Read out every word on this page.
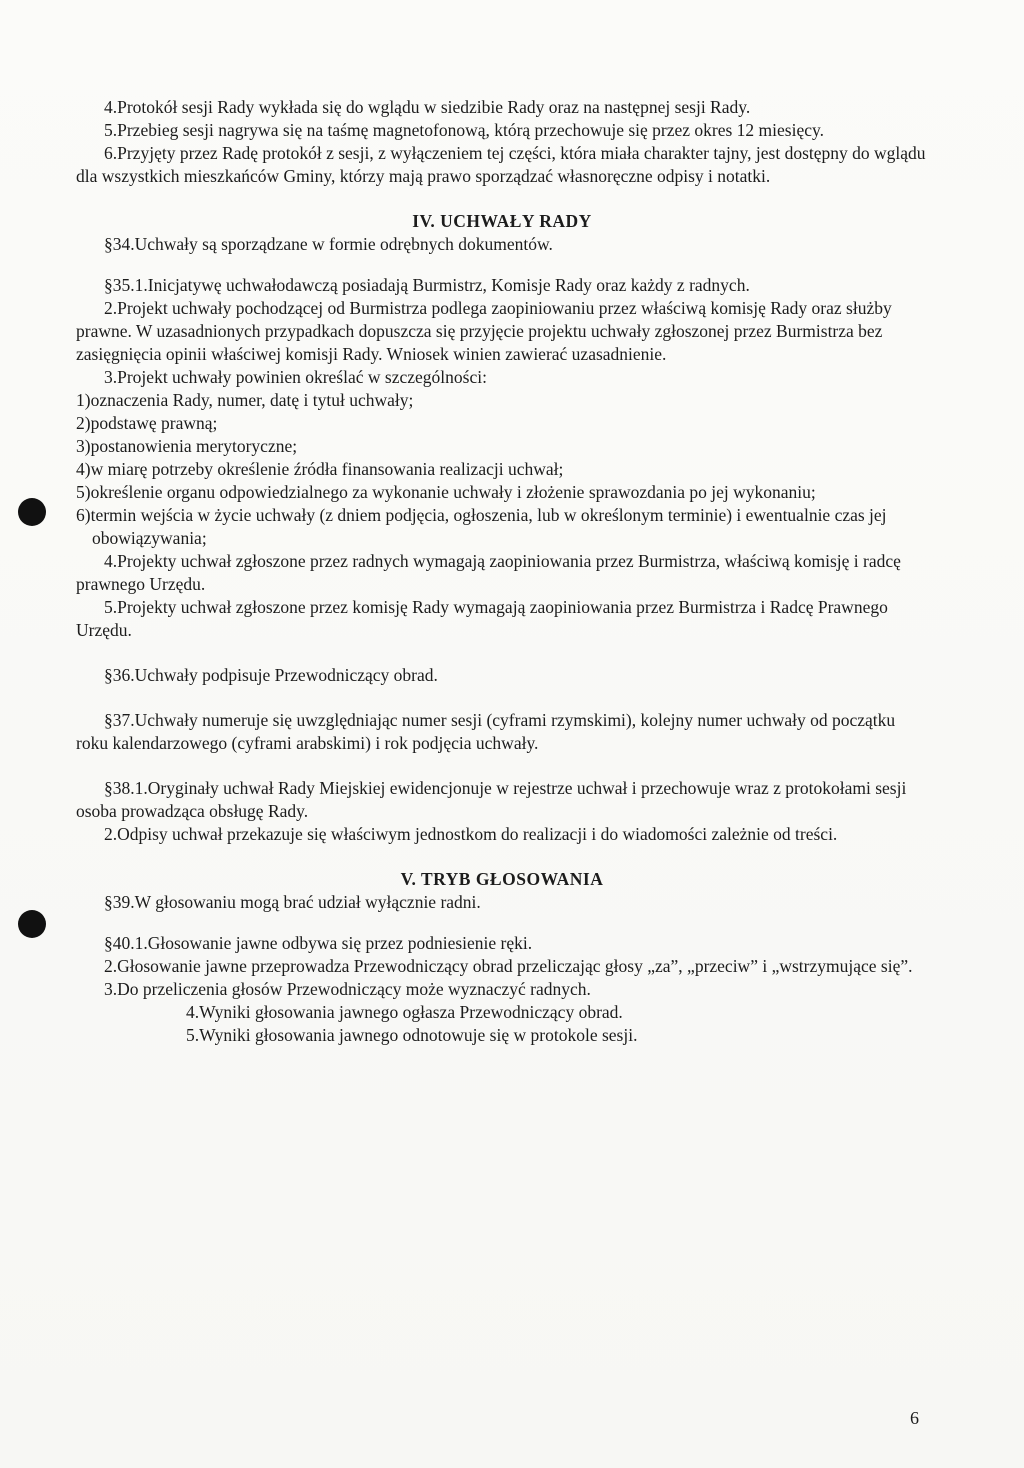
4.Protokół sesji Rady wykłada się do wglądu w siedzibie Rady oraz na następnej sesji Rady.

5.Przebieg sesji nagrywa się na taśmę magnetofonową, którą przechowuje się przez okres 12 miesięcy.

6.Przyjęty przez Radę protokół z sesji, z wyłączeniem tej części, która miała charakter tajny, jest dostępny do wglądu dla wszystkich mieszkańców Gminy, którzy mają prawo sporządzać własnoręczne odpisy i notatki.

IV. UCHWAŁY RADY

§34.Uchwały są sporządzane w formie odrębnych dokumentów.

§35.1.Inicjatywę uchwałodawczą posiadają Burmistrz, Komisje Rady oraz każdy z radnych.

2.Projekt uchwały pochodzącej od Burmistrza podlega zaopiniowaniu przez właściwą komisję Rady oraz służby prawne. W uzasadnionych przypadkach dopuszcza się przyjęcie projektu uchwały zgłoszonej przez Burmistrza bez zasięgnięcia opinii właściwej komisji Rady. Wniosek winien zawierać uzasadnienie.

3.Projekt uchwały powinien określać w szczególności:

1)oznaczenia Rady, numer, datę i tytuł uchwały;

2)podstawę prawną;

3)postanowienia merytoryczne;

4)w miarę potrzeby określenie źródła finansowania realizacji uchwał;

5)określenie organu odpowiedzialnego za wykonanie uchwały i złożenie sprawozdania po jej wykonaniu;

6)termin wejścia w życie uchwały (z dniem podjęcia, ogłoszenia, lub w określonym terminie) i ewentualnie czas jej obowiązywania;

4.Projekty uchwał zgłoszone przez radnych wymagają zaopiniowania przez Burmistrza, właściwą komisję i radcę prawnego Urzędu.

5.Projekty uchwał zgłoszone przez komisję Rady wymagają zaopiniowania przez Burmistrza i Radcę Prawnego Urzędu.

§36.Uchwały podpisuje Przewodniczący obrad.

§37.Uchwały numeruje się uwzględniając numer sesji (cyframi rzymskimi), kolejny numer uchwały od początku roku kalendarzowego (cyframi arabskimi) i rok podjęcia uchwały.

§38.1.Oryginały uchwał Rady Miejskiej ewidencjonuje w rejestrze uchwał i przechowuje wraz z protokołami sesji osoba prowadząca obsługę Rady.

2.Odpisy uchwał przekazuje się właściwym jednostkom do realizacji i do wiadomości zależnie od treści.

V. TRYB GŁOSOWANIA

§39.W głosowaniu mogą brać udział wyłącznie radni.

§40.1.Głosowanie jawne odbywa się przez podniesienie ręki.

2.Głosowanie jawne przeprowadza Przewodniczący obrad przeliczając głosy „za”, „przeciw” i „wstrzymujące się”.

3.Do przeliczenia głosów Przewodniczący może wyznaczyć radnych.

4.Wyniki głosowania jawnego ogłasza Przewodniczący obrad.

5.Wyniki głosowania jawnego odnotowuje się w protokole sesji.

6
